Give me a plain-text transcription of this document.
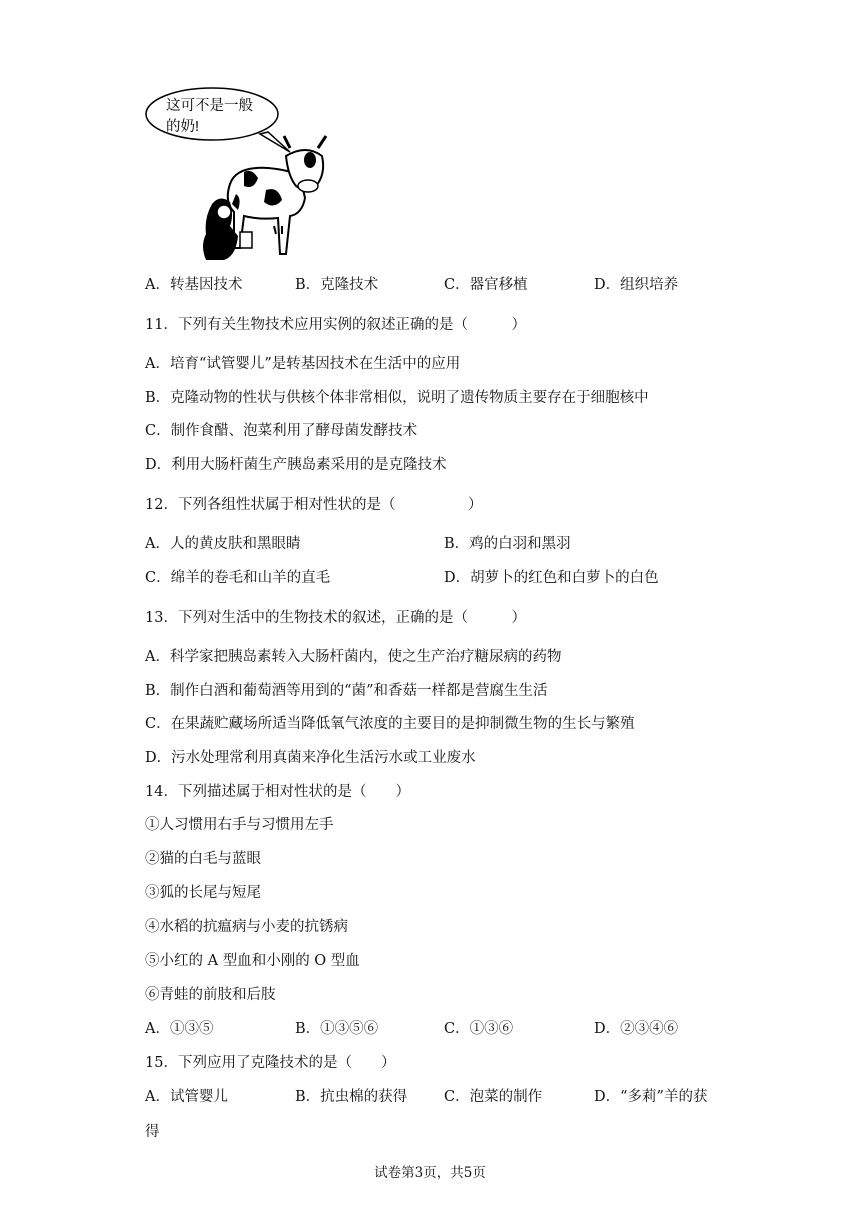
这可不是一般
的奶!
A．转基因技术	B．克隆技术	C．器官移植	D．组织培养
11．下列有关生物技术应用实例的叙述正确的是（　　　）
A．培育“试管婴儿”是转基因技术在生活中的应用
B．克隆动物的性状与供核个体非常相似，说明了遗传物质主要存在于细胞核中
C．制作食醋、泡菜利用了酵母菌发酵技术
D．利用大肠杆菌生产胰岛素采用的是克隆技术
12．下列各组性状属于相对性状的是（　　　　　）
A．人的黄皮肤和黑眼睛	B．鸡的白羽和黑羽
C．绵羊的卷毛和山羊的直毛	D．胡萝卜的红色和白萝卜的白色
13．下列对生活中的生物技术的叙述，正确的是（　　　）
A．科学家把胰岛素转入大肠杆菌内，使之生产治疗糖尿病的药物
B．制作白酒和葡萄酒等用到的“菌”和香菇一样都是营腐生生活
C．在果蔬贮藏场所适当降低氧气浓度的主要目的是抑制微生物的生长与繁殖
D．污水处理常利用真菌来净化生活污水或工业废水
14．下列描述属于相对性状的是（　　）
①人习惯用右手与习惯用左手
②猫的白毛与蓝眼
③狐的长尾与短尾
④水稻的抗瘟病与小麦的抗锈病
⑤小红的 A 型血和小刚的 O 型血
⑥青蛙的前肢和后肢
A．①③⑤	B．①③⑤⑥	C．①③⑥	D．②③④⑥
15．下列应用了克隆技术的是（　　）
A．试管婴儿	B．抗虫棉的获得	C．泡菜的制作	D．“多莉”羊的获
得
试卷第3页，共5页
